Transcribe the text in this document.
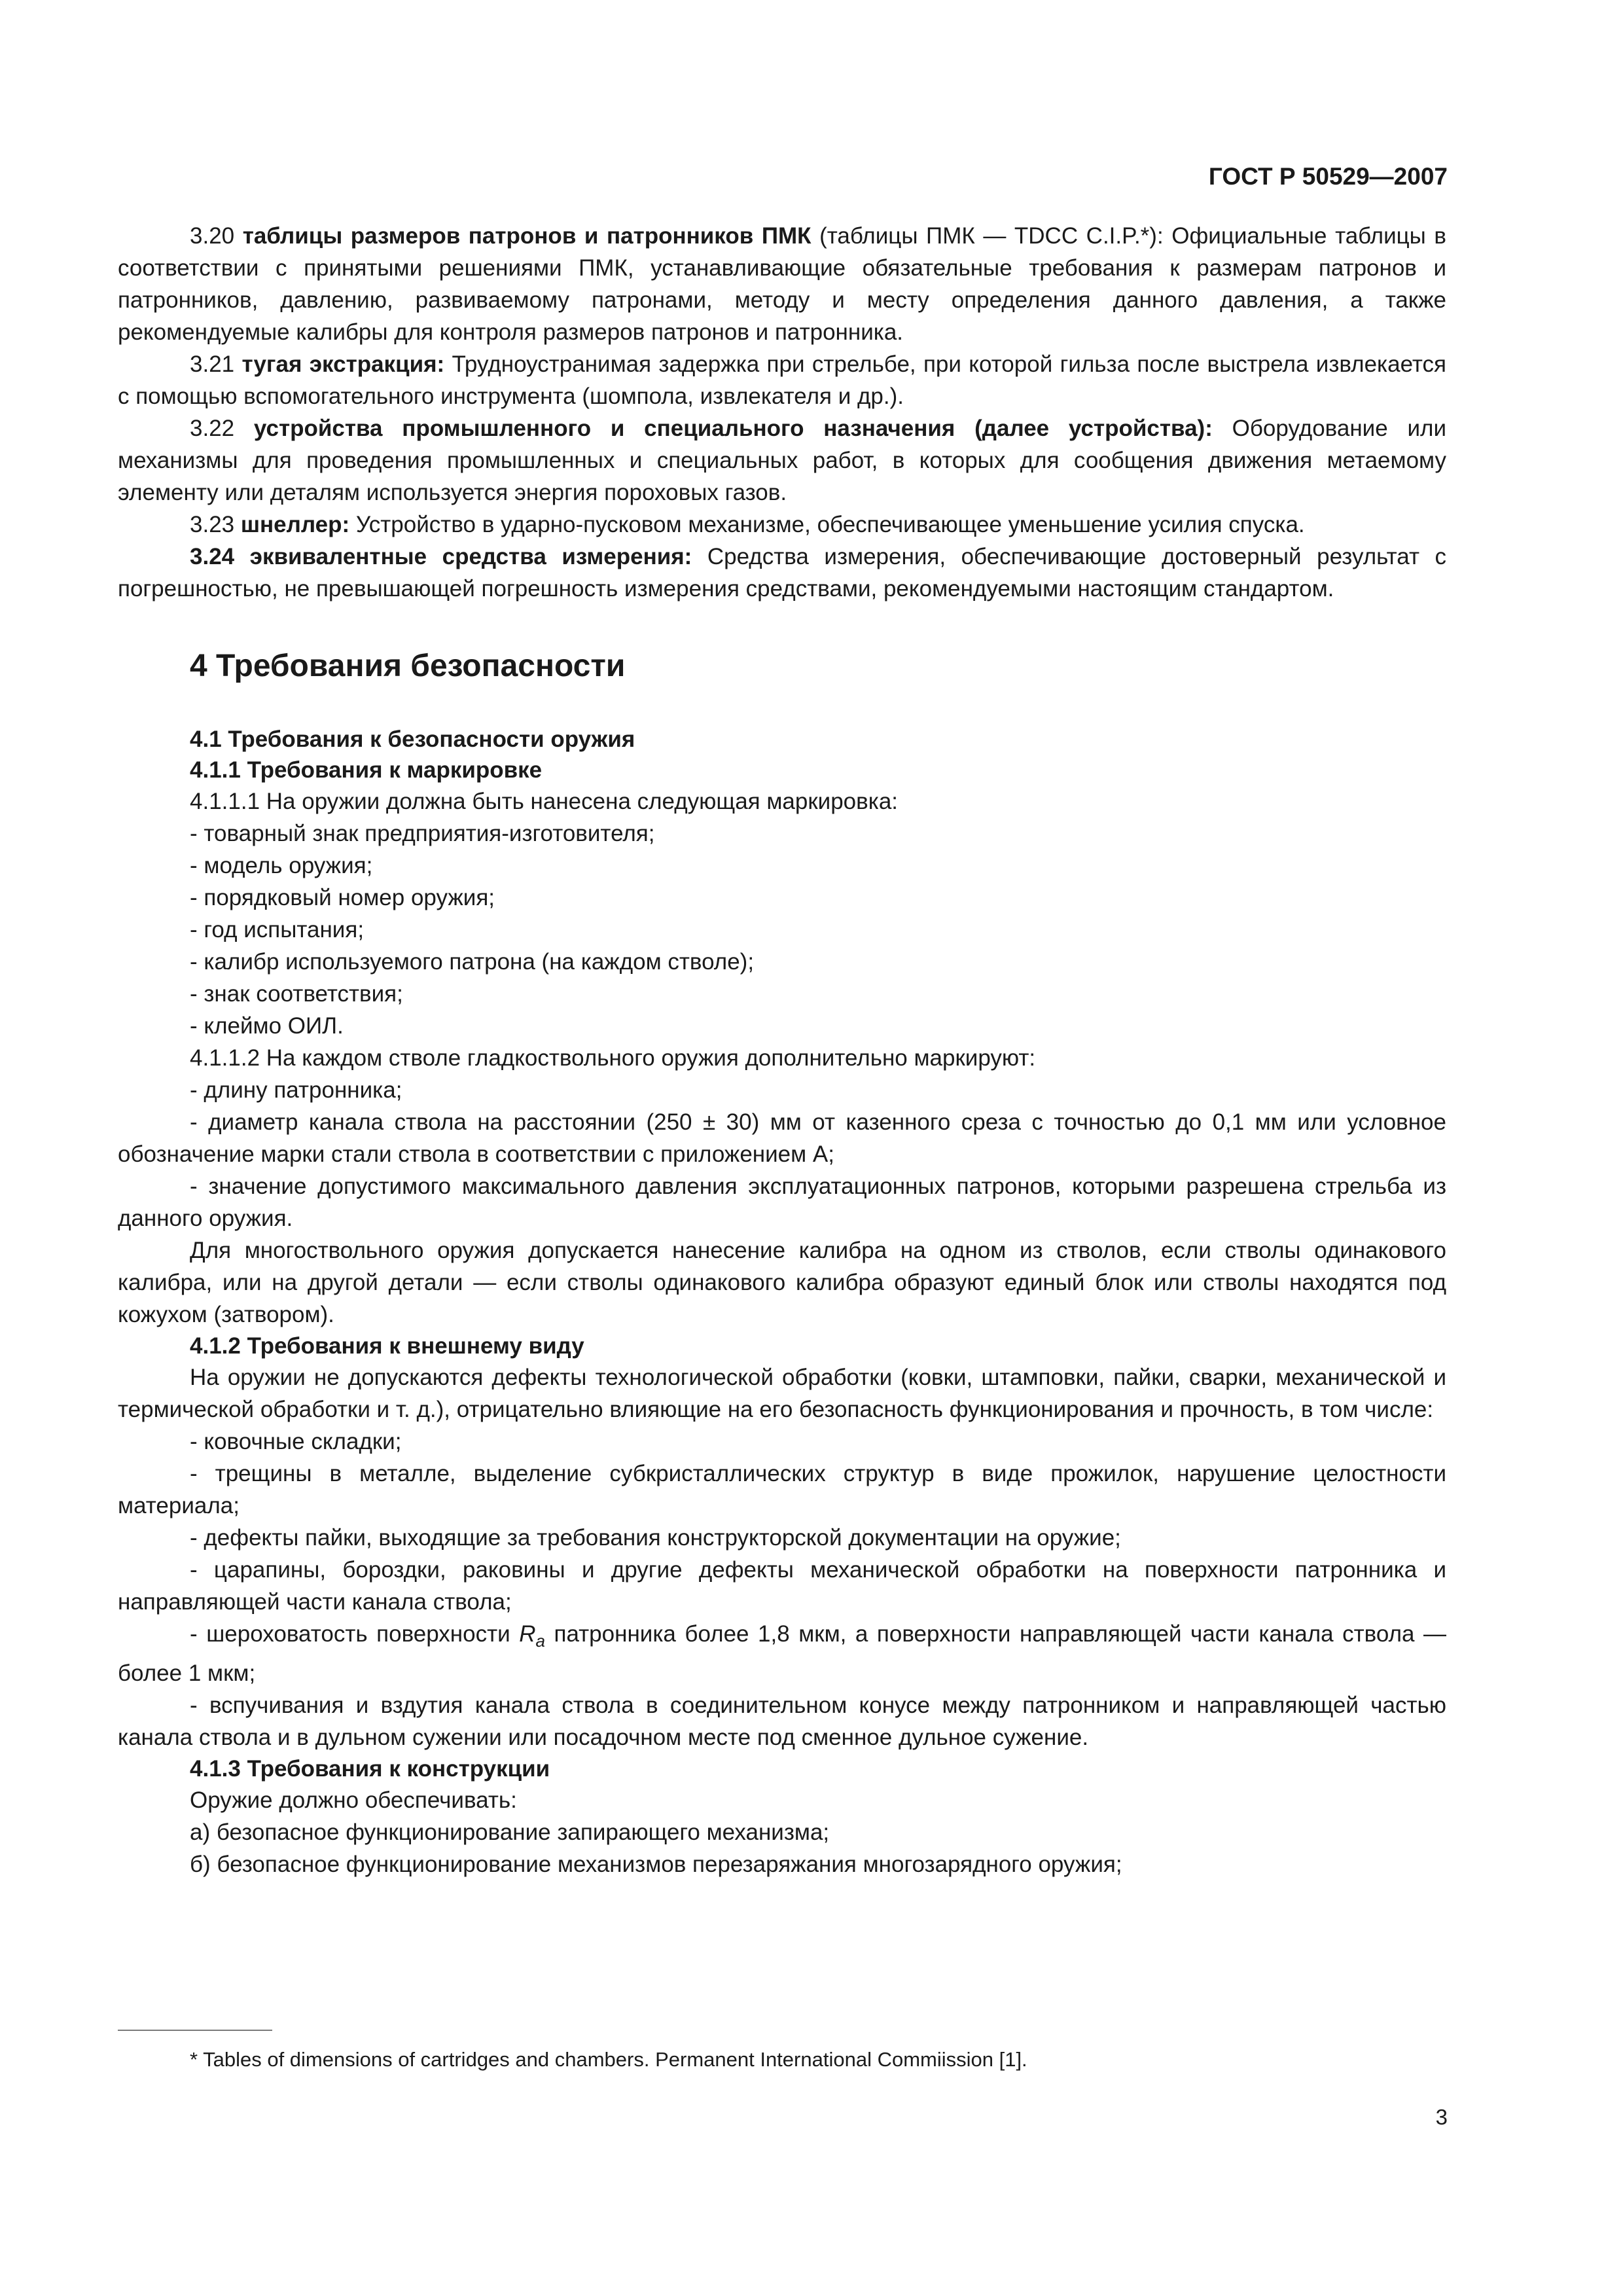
ГОСТ Р 50529—2007

3.20 таблицы размеров патронов и патронников ПМК (таблицы ПМК — TDCC C.I.P.*): Официальные таблицы в соответствии с принятыми решениями ПМК, устанавливающие обязательные требования к размерам патронов и патронников, давлению, развиваемому патронами, методу и месту определения данного давления, а также рекомендуемые калибры для контроля размеров патронов и патронника.

3.21 тугая экстракция: Трудноустранимая задержка при стрельбе, при которой гильза после выстрела извлекается с помощью вспомогательного инструмента (шомпола, извлекателя и др.).

3.22 устройства промышленного и специального назначения (далее устройства): Оборудование или механизмы для проведения промышленных и специальных работ, в которых для сообщения движения метаемому элементу или деталям используется энергия пороховых газов.

3.23 шнеллер: Устройство в ударно-пусковом механизме, обеспечивающее уменьшение усилия спуска.

3.24 эквивалентные средства измерения: Средства измерения, обеспечивающие достоверный результат с погрешностью, не превышающей погрешность измерения средствами, рекомендуемыми настоящим стандартом.

4 Требования безопасности
4.1 Требования к безопасности оружия
4.1.1 Требования к маркировке

4.1.1.1 На оружии должна быть нанесена следующая маркировка:

- товарный знак предприятия-изготовителя;

- модель оружия;

- порядковый номер оружия;

- год испытания;

- калибр используемого патрона (на каждом стволе);

- знак соответствия;

- клеймо ОИЛ.

4.1.1.2 На каждом стволе гладкоствольного оружия дополнительно маркируют:

- длину патронника;

- диаметр канала ствола на расстоянии (250 ± 30) мм от казенного среза с точностью до 0,1 мм или условное обозначение марки стали ствола в соответствии с приложением А;

- значение допустимого максимального давления эксплуатационных патронов, которыми разрешена стрельба из данного оружия.

Для многоствольного оружия допускается нанесение калибра на одном из стволов, если стволы одинакового калибра, или на другой детали — если стволы одинакового калибра образуют единый блок или стволы находятся под кожухом (затвором).

4.1.2 Требования к внешнему виду

На оружии не допускаются дефекты технологической обработки (ковки, штамповки, пайки, сварки, механической и термической обработки и т. д.), отрицательно влияющие на его безопасность функционирования и прочность, в том числе:

- ковочные складки;

- трещины в металле, выделение субкристаллических структур в виде прожилок, нарушение целостности материала;

- дефекты пайки, выходящие за требования конструкторской документации на оружие;

- царапины, бороздки, раковины и другие дефекты механической обработки на поверхности патронника и направляющей части канала ствола;

- шероховатость поверхности $R_a$ патронника более 1,8 мкм, а поверхности направляющей части канала ствола — более 1 мкм;

- вспучивания и вздутия канала ствола в соединительном конусе между патронником и направляющей частью канала ствола и в дульном сужении или посадочном месте под сменное дульное сужение.

4.1.3 Требования к конструкции

Оружие должно обеспечивать:

а) безопасное функционирование запирающего механизма;

б) безопасное функционирование механизмов перезаряжания многозарядного оружия;

* Tables of dimensions of cartridges and chambers. Permanent International Commiission [1].
3
